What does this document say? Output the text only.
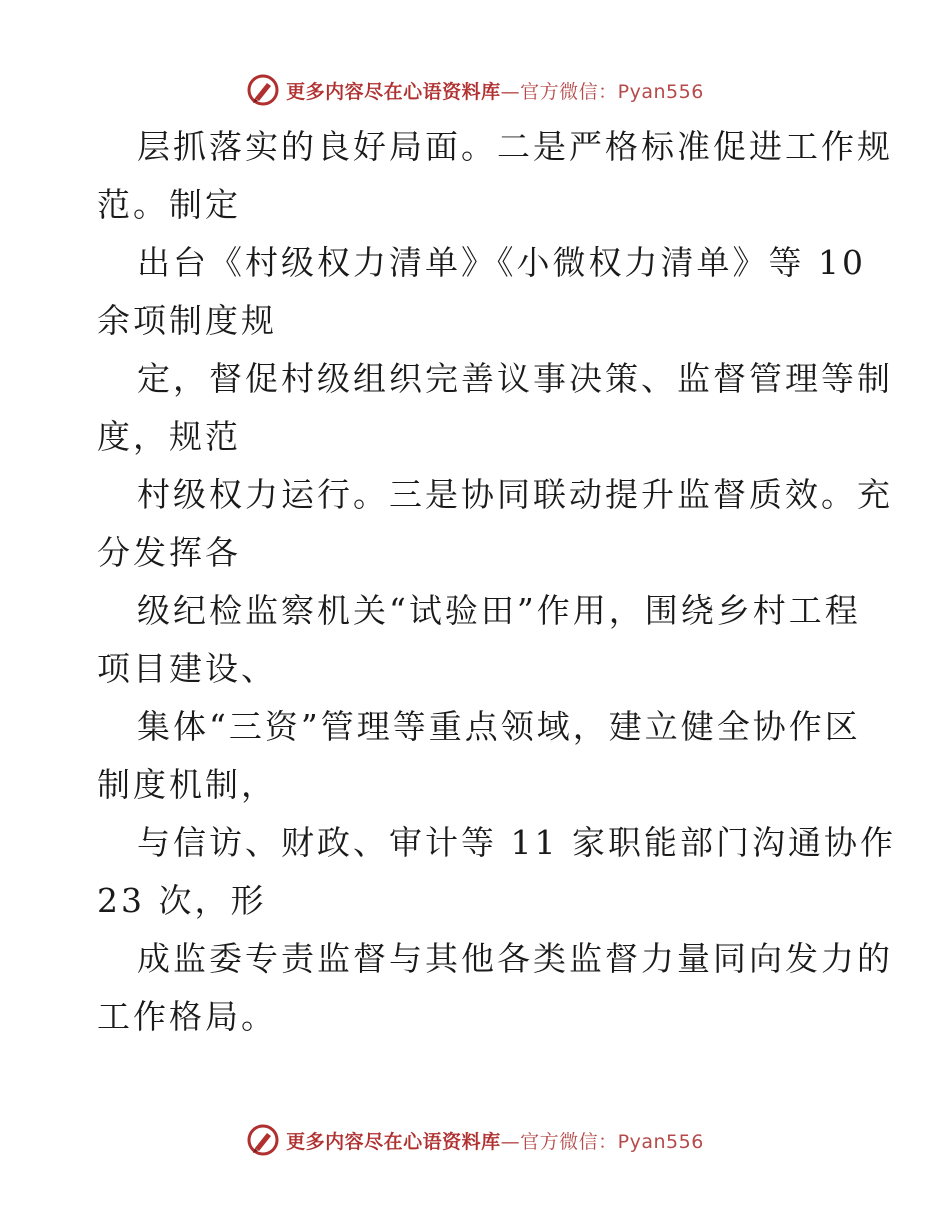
更多内容尽在心语资料库—官方微信：Pyan556
层抓落实的良好局面。二是严格标准促进工作规
范。制定
出台《村级权力清单》《小微权力清单》等 10
余项制度规
定，督促村级组织完善议事决策、监督管理等制
度，规范
村级权力运行。三是协同联动提升监督质效。充
分发挥各
级纪检监察机关“试验田”作用，围绕乡村工程
项目建设、
集体“三资”管理等重点领域，建立健全协作区
制度机制，
与信访、财政、审计等 11 家职能部门沟通协作
23 次，形
成监委专责监督与其他各类监督力量同向发力的
工作格局。
更多内容尽在心语资料库—官方微信：Pyan556
